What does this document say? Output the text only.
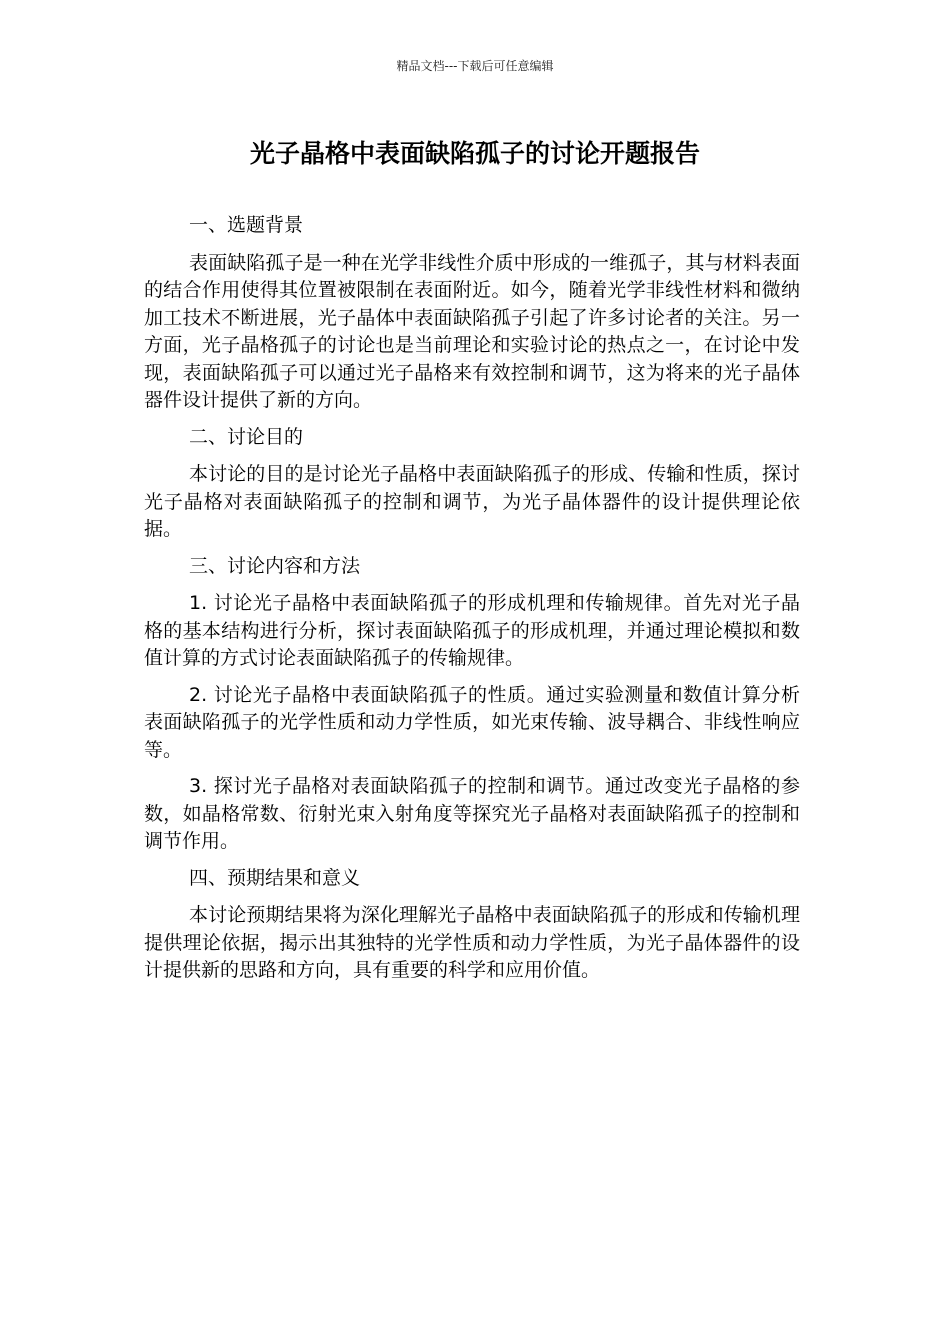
精品文档---下载后可任意编辑
光子晶格中表面缺陷孤子的讨论开题报告
一、选题背景

表面缺陷孤子是一种在光学非线性介质中形成的一维孤子，其与材料表面的结合作用使得其位置被限制在表面附近。如今，随着光学非线性材料和微纳加工技术不断进展，光子晶体中表面缺陷孤子引起了许多讨论者的关注。另一方面，光子晶格孤子的讨论也是当前理论和实验讨论的热点之一，在讨论中发现，表面缺陷孤子可以通过光子晶格来有效控制和调节，这为将来的光子晶体器件设计提供了新的方向。

二、讨论目的

本讨论的目的是讨论光子晶格中表面缺陷孤子的形成、传输和性质，探讨光子晶格对表面缺陷孤子的控制和调节，为光子晶体器件的设计提供理论依据。

三、讨论内容和方法

1. 讨论光子晶格中表面缺陷孤子的形成机理和传输规律。首先对光子晶格的基本结构进行分析，探讨表面缺陷孤子的形成机理，并通过理论模拟和数值计算的方式讨论表面缺陷孤子的传输规律。

2. 讨论光子晶格中表面缺陷孤子的性质。通过实验测量和数值计算分析表面缺陷孤子的光学性质和动力学性质，如光束传输、波导耦合、非线性响应等。

3. 探讨光子晶格对表面缺陷孤子的控制和调节。通过改变光子晶格的参数，如晶格常数、衍射光束入射角度等探究光子晶格对表面缺陷孤子的控制和调节作用。

四、预期结果和意义

本讨论预期结果将为深化理解光子晶格中表面缺陷孤子的形成和传输机理提供理论依据，揭示出其独特的光学性质和动力学性质，为光子晶体器件的设计提供新的思路和方向，具有重要的科学和应用价值。
